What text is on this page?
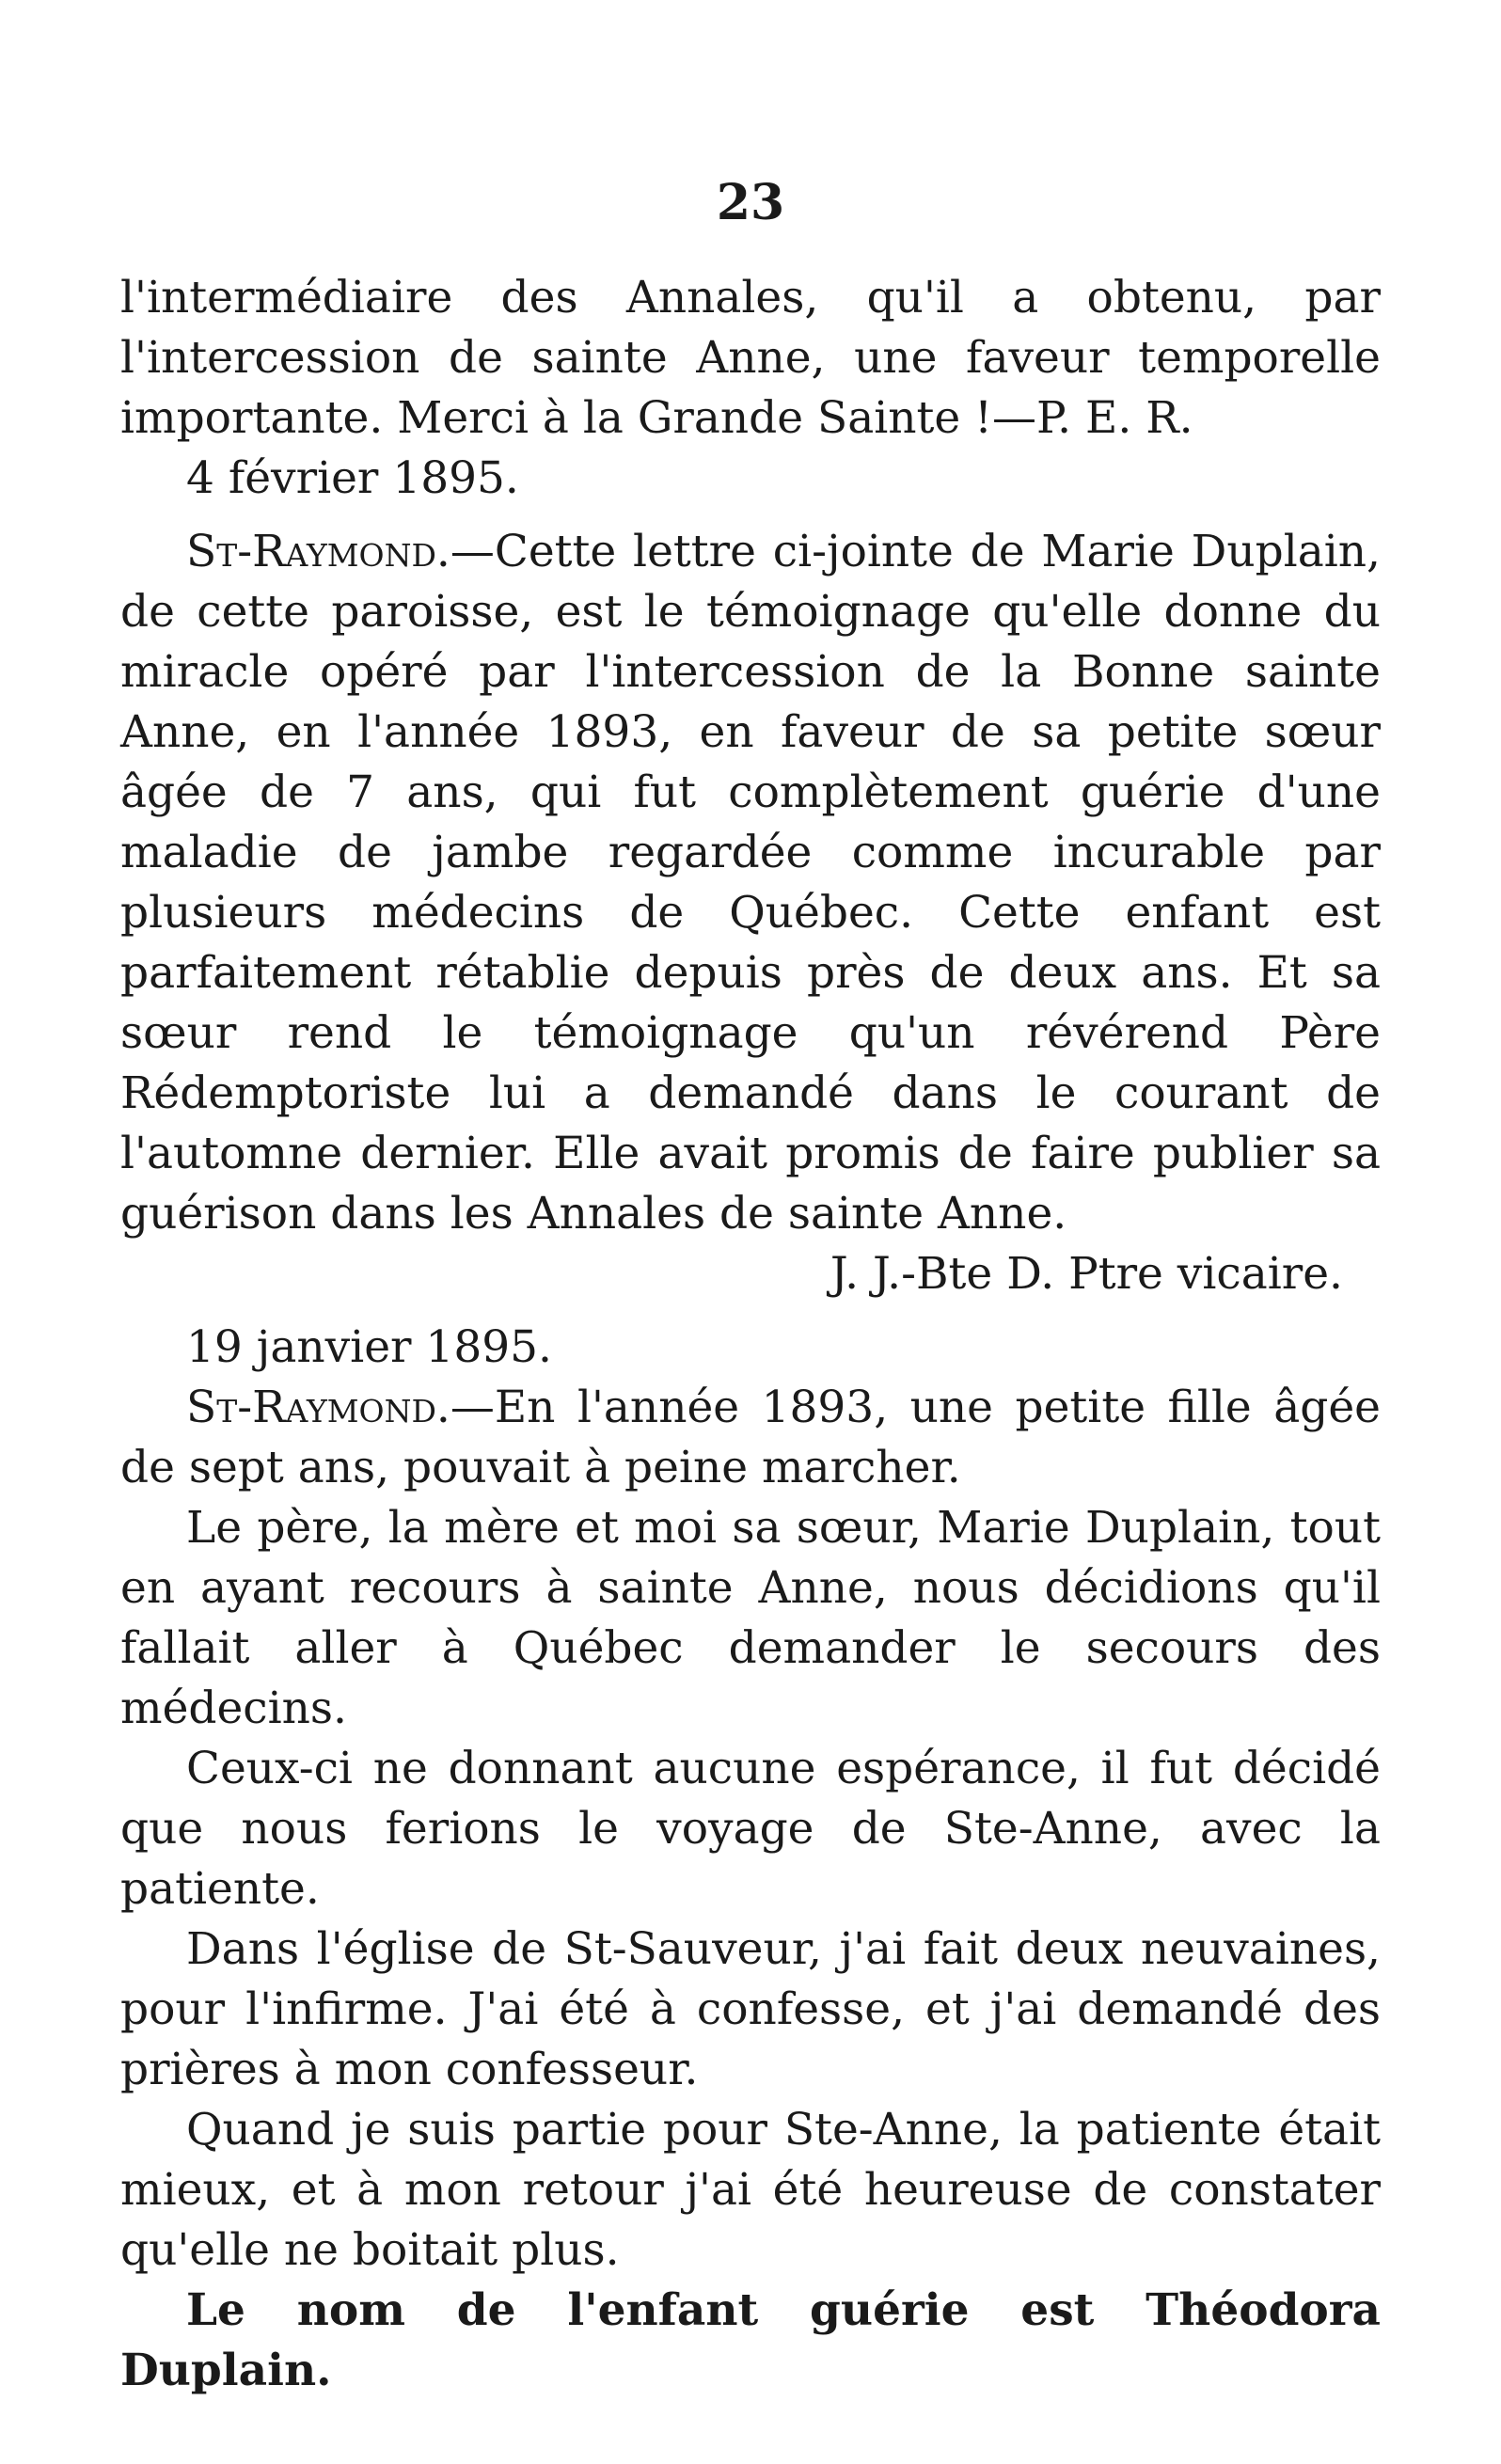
23

l'intermédiaire des Annales, qu'il a obtenu, par l'intercession de sainte Anne, une faveur temporelle importante. Merci à la Grande Sainte !—P. E. R.

4 février 1895.

St-Raymond.—Cette lettre ci-jointe de Marie Duplain, de cette paroisse, est le témoignage qu'elle donne du miracle opéré par l'intercession de la Bonne sainte Anne, en l'année 1893, en faveur de sa petite sœur âgée de 7 ans, qui fut complètement guérie d'une maladie de jambe regardée comme incurable par plusieurs médecins de Québec. Cette enfant est parfaitement rétablie depuis près de deux ans. Et sa sœur rend le témoignage qu'un révérend Père Rédemptoriste lui a demandé dans le courant de l'automne dernier. Elle avait promis de faire publier sa guérison dans les Annales de sainte Anne.

J. J.-Bte D. Ptre vicaire.

19 janvier 1895.

St-Raymond.—En l'année 1893, une petite fille âgée de sept ans, pouvait à peine marcher.

Le père, la mère et moi sa sœur, Marie Duplain, tout en ayant recours à sainte Anne, nous décidions qu'il fallait aller à Québec demander le secours des médecins.

Ceux-ci ne donnant aucune espérance, il fut décidé que nous ferions le voyage de Ste-Anne, avec la patiente.

Dans l'église de St-Sauveur, j'ai fait deux neuvaines, pour l'infirme. J'ai été à confesse, et j'ai demandé des prières à mon confesseur.

Quand je suis partie pour Ste-Anne, la patiente était mieux, et à mon retour j'ai été heureuse de constater qu'elle ne boitait plus.

Le nom de l'enfant guérie est Théodora Duplain.
